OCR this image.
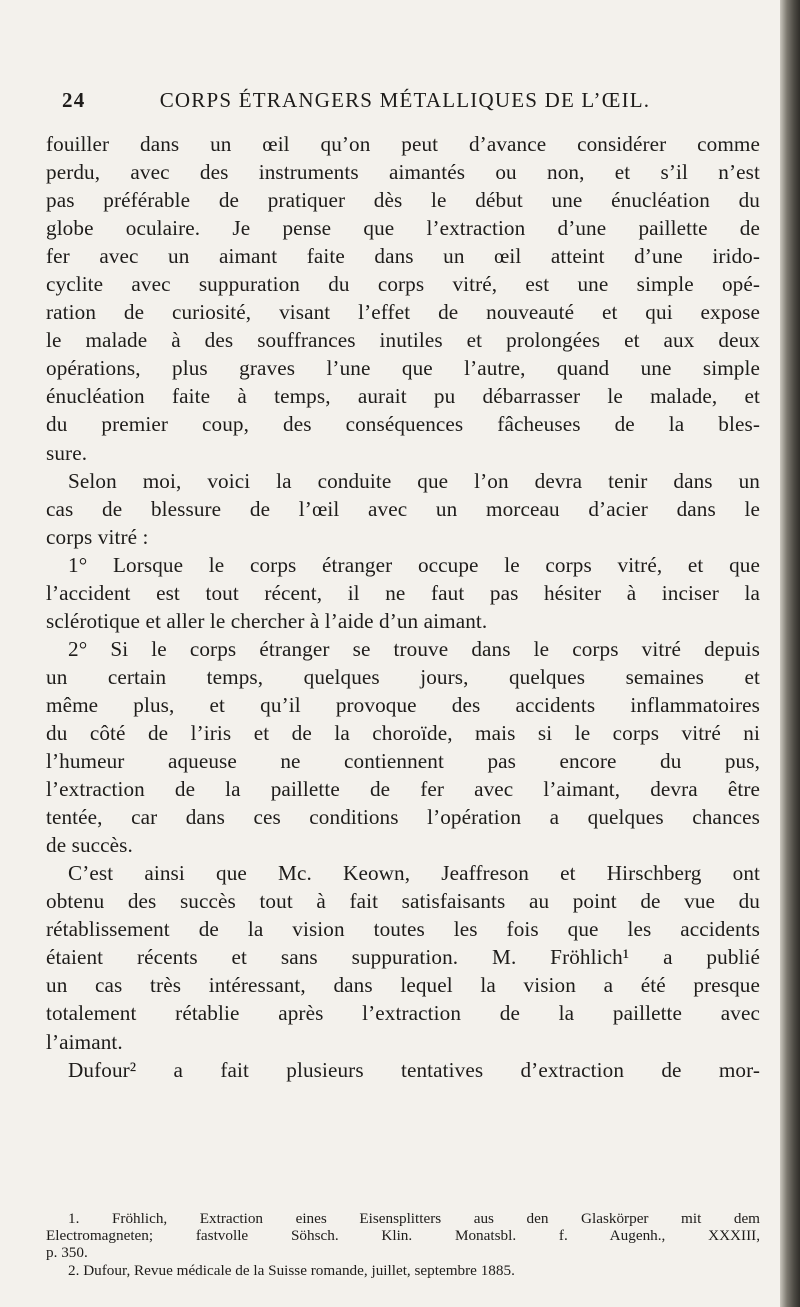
24	CORPS ÉTRANGERS MÉTALLIQUES DE L’ŒIL.

fouiller dans un œil qu’on peut d’avance considérer comme
perdu, avec des instruments aimantés ou non, et s’il n’est
pas préférable de pratiquer dès le début une énucléation du
globe oculaire. Je pense que l’extraction d’une paillette de
fer avec un aimant faite dans un œil atteint d’une irido-
cyclite avec suppuration du corps vitré, est une simple opé-
ration de curiosité, visant l’effet de nouveauté et qui expose
le malade à des souffrances inutiles et prolongées et aux deux
opérations, plus graves l’une que l’autre, quand une simple
énucléation faite à temps, aurait pu débarrasser le malade, et
du premier coup, des conséquences fâcheuses de la bles-
sure.

Selon moi, voici la conduite que l’on devra tenir dans un
cas de blessure de l’œil avec un morceau d’acier dans le
corps vitré :

1° Lorsque le corps étranger occupe le corps vitré, et que
l’accident est tout récent, il ne faut pas hésiter à inciser la
sclérotique et aller le chercher à l’aide d’un aimant.

2° Si le corps étranger se trouve dans le corps vitré depuis
un certain temps, quelques jours, quelques semaines et
même plus, et qu’il provoque des accidents inflammatoires
du côté de l’iris et de la choroïde, mais si le corps vitré ni
l’humeur aqueuse ne contiennent pas encore du pus,
l’extraction de la paillette de fer avec l’aimant, devra être
tentée, car dans ces conditions l’opération a quelques chances
de succès.

C’est ainsi que Mc. Keown, Jeaffreson et Hirschberg ont
obtenu des succès tout à fait satisfaisants au point de vue du
rétablissement de la vision toutes les fois que les accidents
étaient récents et sans suppuration. M. Fröhlich¹ a publié
un cas très intéressant, dans lequel la vision a été presque
totalement rétablie après l’extraction de la paillette avec
l’aimant.

Dufour² a fait plusieurs tentatives d’extraction de mor-

1. Fröhlich, Extraction eines Eisensplitters aus den Glaskörper mit dem
Electromagneten; fastvolle Söhsch. Klin. Monatsbl. f. Augenh., XXXIII,
p. 350.
2. Dufour, Revue médicale de la Suisse romande, juillet, septembre 1885.
